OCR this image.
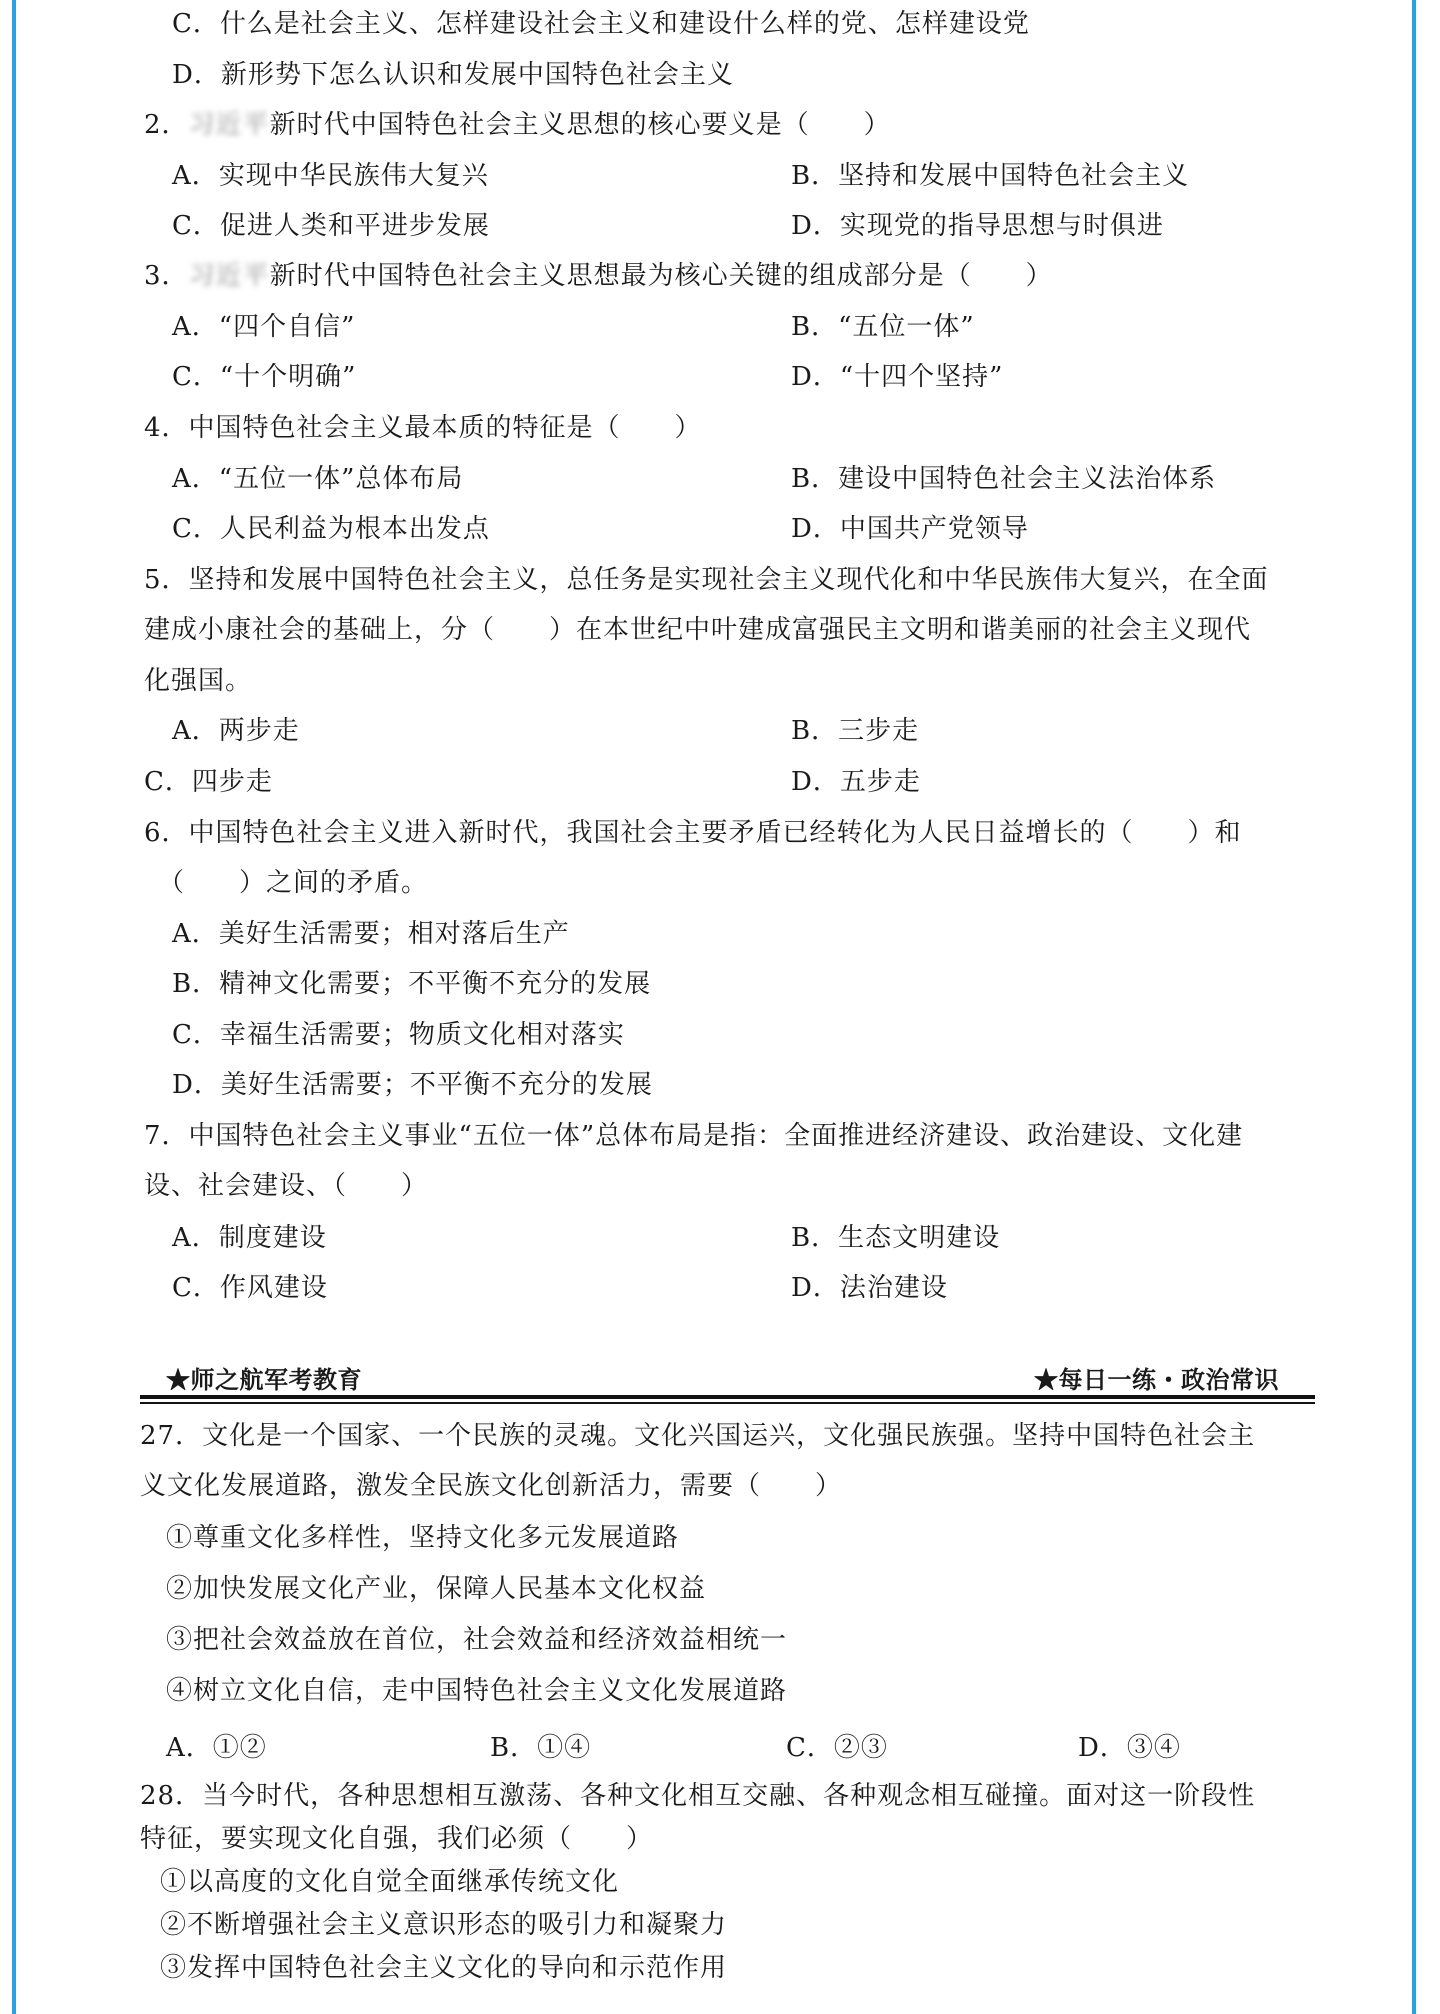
C．什么是社会主义、怎样建设社会主义和建设什么样的党、怎样建设党
D．新形势下怎么认识和发展中国特色社会主义
2．习近平新时代中国特色社会主义思想的核心要义是（　　）
A．实现中华民族伟大复兴	B．坚持和发展中国特色社会主义
C．促进人类和平进步发展	D．实现党的指导思想与时俱进
3．习近平新时代中国特色社会主义思想最为核心关键的组成部分是（　　）
A．“四个自信”	B．“五位一体”
C．“十个明确”	D．“十四个坚持”
4．中国特色社会主义最本质的特征是（　　）
A．“五位一体”总体布局	B．建设中国特色社会主义法治体系
C．人民利益为根本出发点	D．中国共产党领导
5．坚持和发展中国特色社会主义，总任务是实现社会主义现代化和中华民族伟大复兴，在全面
建成小康社会的基础上，分（　　）在本世纪中叶建成富强民主文明和谐美丽的社会主义现代
化强国。
A．两步走	B．三步走
C．四步走	D．五步走
6．中国特色社会主义进入新时代，我国社会主要矛盾已经转化为人民日益增长的（　　）和
（　　）之间的矛盾。
A．美好生活需要；相对落后生产
B．精神文化需要；不平衡不充分的发展
C．幸福生活需要；物质文化相对落实
D．美好生活需要；不平衡不充分的发展
7．中国特色社会主义事业“五位一体”总体布局是指：全面推进经济建设、政治建设、文化建
设、社会建设、（　　）
A．制度建设	B．生态文明建设
C．作风建设	D．法治建设
★师之航军考教育	★每日一练・政治常识
27．文化是一个国家、一个民族的灵魂。文化兴国运兴，文化强民族强。坚持中国特色社会主
义文化发展道路，激发全民族文化创新活力，需要（　　）
①尊重文化多样性，坚持文化多元发展道路
②加快发展文化产业，保障人民基本文化权益
③把社会效益放在首位，社会效益和经济效益相统一
④树立文化自信，走中国特色社会主义文化发展道路
A．①②	B．①④	C．②③	D．③④
28．当今时代，各种思想相互激荡、各种文化相互交融、各种观念相互碰撞。面对这一阶段性
特征，要实现文化自强，我们必须（　　）
①以高度的文化自觉全面继承传统文化
②不断增强社会主义意识形态的吸引力和凝聚力
③发挥中国特色社会主义文化的导向和示范作用
